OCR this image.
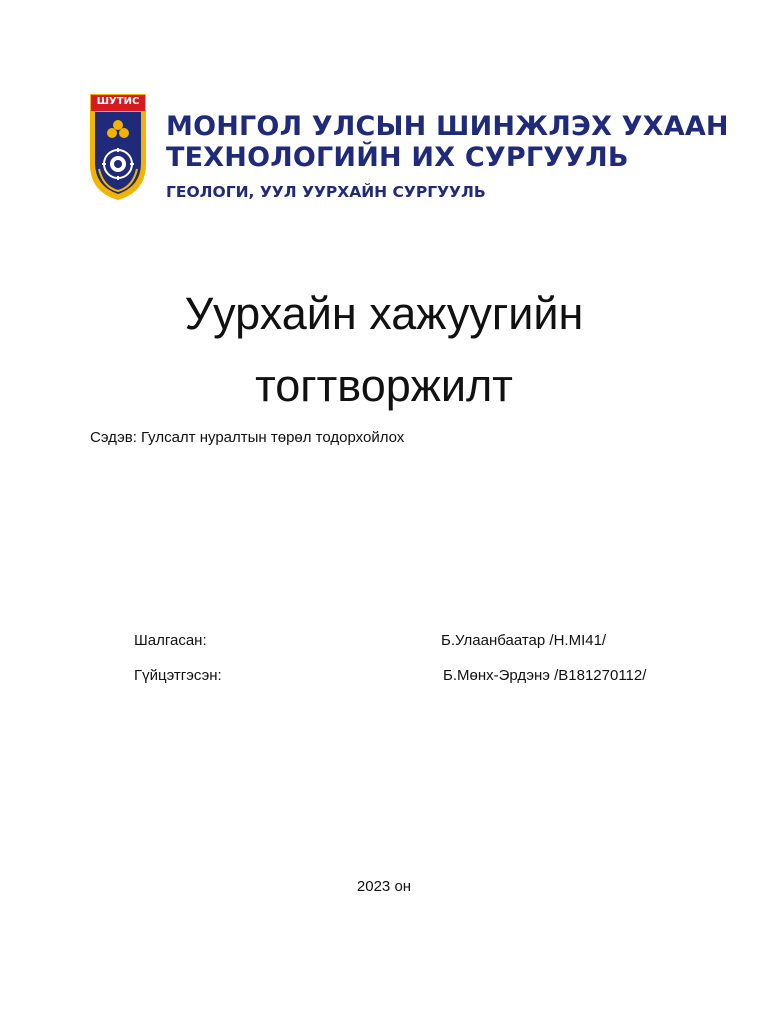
ШУТИС
МОНГОЛ УЛСЫН ШИНЖЛЭХ УХААН
ТЕХНОЛОГИЙН ИХ СУРГУУЛЬ
ГЕОЛОГИ, УУЛ УУРХАЙН СУРГУУЛЬ
Уурхайн хажуугийн
тогтворжилт
Сэдэв: Гулсалт нуралтын төрөл тодорхойлох
Шалгасан:	Б.Улаанбаатар /Н.MI41/
Гүйцэтгэсэн:	Б.Мөнх-Эрдэнэ /B181270112/
2023 он
